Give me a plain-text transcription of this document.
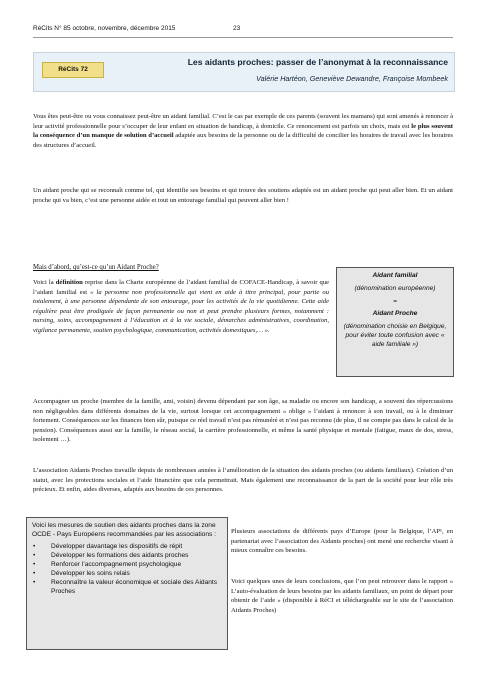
RéCits N° 85 octobre, novembre, décembre 2015	23
RéCits 72
Les aidants proches: passer de l’anonymat à la reconnaissance
Valérie Hartéon, Geneviève Dewandre, Françoise Mombeek
Vous êtes peut-être ou vous connaissez peut-être un aidant familial. C’est le cas par exemple de ces parents (souvent les mamans) qui sont amenés à renoncer à leur activité professionnelle pour s’occuper de leur enfant en situation de handicap, à domicile. Ce renoncement est parfois un choix, mais est le plus souvent la conséquence d’un manque de solution d’accueil adaptée aux besoins de la personne ou de la difficulté de concilier les horaires de travail avec les horaires des structures d’accueil.
Un aidant proche qui se reconnaît comme tel, qui identifie ses besoins et qui trouve des soutiens adaptés est un aidant proche qui peut aller bien. Et un aidant proche qui va bien, c’est une personne aidée et tout un entourage familial qui peuvent aller bien !
Mais d’abord, qu’est-ce qu’un Aidant Proche?
Voici la définition reprise dans la Charte européenne de l’aidant familial de COFACE-Handicap, à savoir que l’aidant familial est « la personne non professionnelle qui vient en aide à titre principal, pour partie ou totalement, à une personne dépendante de son entourage, pour les activités de la vie quotidienne. Cette aide régulière peut être prodiguée de façon permanente ou non et peut prendre plusieurs formes, notamment : nursing, soins, accompagnement à l’éducation et à la vie sociale, démarches administratives, coordination, vigilance permanente, soutien psychologique, communication, activités domestiques,… ».
Aidant familial
(dénomination européenne)
=
Aidant Proche
(dénomination choisie en Belgique, pour éviter toute confusion avec « aide familiale »)
Accompagner un proche (membre de la famille, ami, voisin) devenu dépendant par son âge, sa maladie ou encore son handicap, a souvent des répercussions non négligeables dans différents domaines de la vie, surtout lorsque cet accompagnement « oblige » l’aidant à renoncer à son travail, ou à le diminuer fortement. Conséquences sur les finances bien sûr, puisque ce réel travail n’est pas rémunéré et n’est pas reconnu (de plus, il ne compte pas dans le calcul de la pension). Conséquences aussi sur la famille, le réseau social, la carrière professionnelle, et même la santé physique et mentale (fatigue, maux de dos, stress, isolement …).
L’association Aidants Proches travaille depuis de nombreuses années à l’amélioration de la situation des aidants proches (ou aidants familiaux). Création d’un statut, avec les protections sociales et l’aide financière que cela permettrait. Mais également une reconnaissance de la part de la société pour leur rôle très précieux. Et enfin, aides diverses, adaptés aux besoins de ces personnes.
Voici les mesures de soutien des aidants proches dans la zone OCDE - Pays Européens recommandées par les associations :
• Développer davantage les dispositifs de répit
• Développer les formations des aidants proches
• Renforcer l’accompagnement psychologique
• Développer les soins relais
• Reconnaître la valeur économique et sociale des Aidants Proches
Plusieurs associations de différents pays d’Europe (pour la Belgique, l’AP¹, en partenariat avec l’association des Aidants proches) ont mené une recherche visant à mieux connaître ces besoins.
Voici quelques unes de leurs conclusions, que l’on peut retrouver dans le rapport « L’auto-évaluation de leurs besoins par les aidants familiaux, un point de départ pour obtenir de l’aide » (disponible à RéCI et téléchargeable sur le site de l’association Aidants Proches)
